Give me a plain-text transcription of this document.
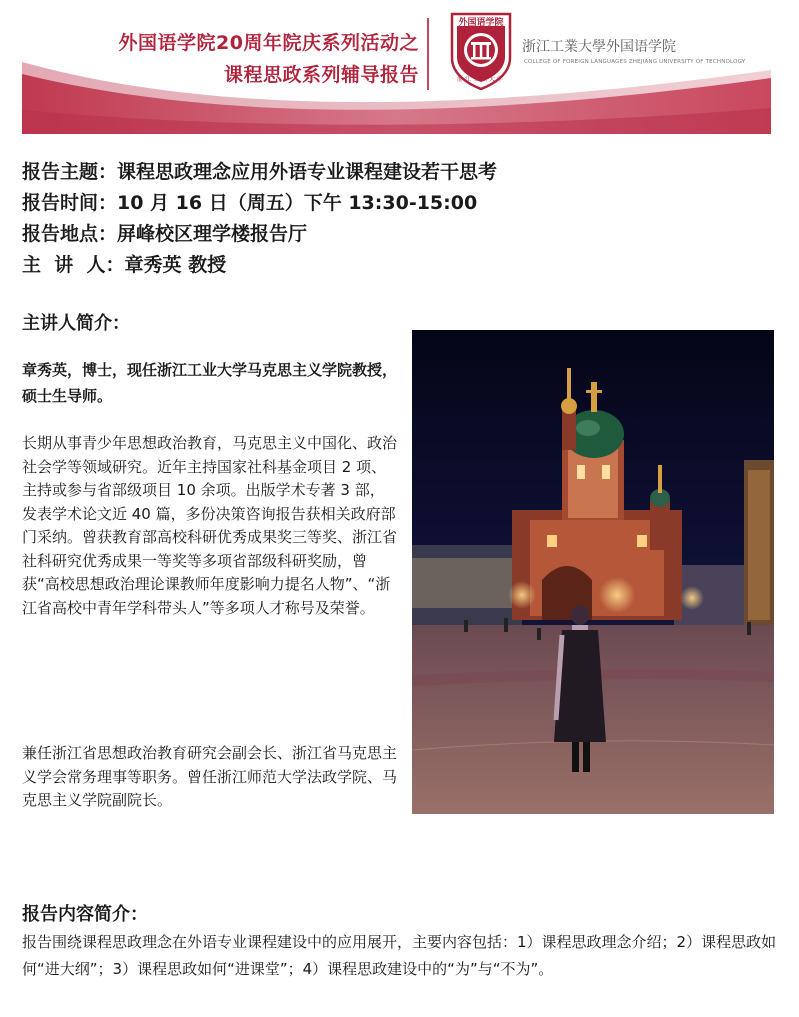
外国语学院20周年院庆系列活动之
课程思政系列辅导报告
外国语学院
浙江工业大学
浙江工業大學外国语学院
COLLEGE OF FOREIGN LANGUAGES ZHEJIANG UNIVERSITY OF TECHNOLOGY
报告主题：课程思政理念应用外语专业课程建设若干思考
报告时间：10 月 16 日（周五）下午 13:30-15:00
报告地点：屏峰校区理学楼报告厅
主  讲  人：章秀英 教授
主讲人简介：
章秀英，博士，现任浙江工业大学马克思主义学院教授，硕士生导师。
长期从事青少年思想政治教育，马克思主义中国化、政治社会学等领域研究。近年主持国家社科基金项目 2 项、主持或参与省部级项目 10 余项。出版学术专著 3 部，发表学术论文近 40 篇，多份决策咨询报告获相关政府部门采纳。曾获教育部高校科研优秀成果奖三等奖、浙江省社科研究优秀成果一等奖等多项省部级科研奖励，曾获“高校思想政治理论课教师年度影响力提名人物”、“浙江省高校中青年学科带头人”等多项人才称号及荣誉。
兼任浙江省思想政治教育研究会副会长、浙江省马克思主义学会常务理事等职务。曾任浙江师范大学法政学院、马克思主义学院副院长。
报告内容简介：
报告围绕课程思政理念在外语专业课程建设中的应用展开，主要内容包括：1）课程思政理念介绍；2）课程思政如何“进大纲”；3）课程思政如何“进课堂”；4）课程思政建设中的“为”与“不为”。
